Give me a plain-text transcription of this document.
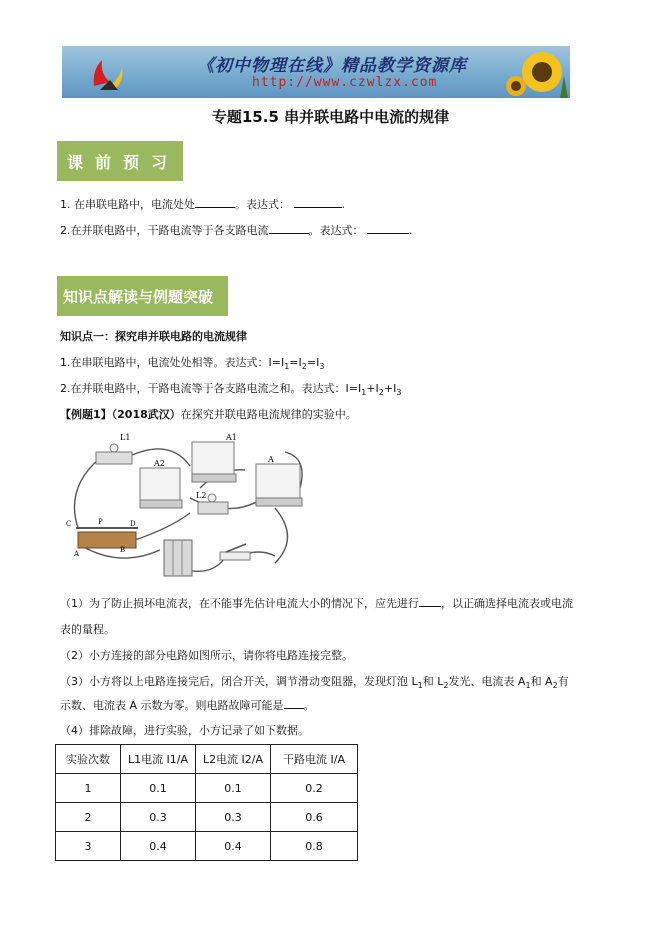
《初中物理在线》精品教学资源库
http://www.czwlzx.com
专题15.5 串并联电路中电流的规律
课前预习
1. 在串联电路中，电流处处	。表达式：	.
2.在并联电路中，干路电流等于各支路电流	。表达式：	.
知识点解读与例题突破
知识点一：探究串并联电路的电流规律
1.在串联电路中，电流处处相等。表达式：$I=I_1=I_2=I_3$
2.在并联电路中，干路电流等于各支路电流之和。表达式：$I=I_1+I_2+I_3$
【例题1】（2018武汉）在探究并联电路电流规律的实验中。
L1
A2
A1
L2
A
C	P	D
A	B
（1）为了防止损坏电流表，在不能事先估计电流大小的情况下，应先进行 ，以正确选择电流表或电流
表的量程。
（2）小方连接的部分电路如图所示，请你将电路连接完整。
（3）小方将以上电路连接完后，闭合开关，调节滑动变阻器，发现灯泡 $L_1$和 $L_2$发光、电流表 $A_1$和 $A_2$有
示数、电流表 A 示数为零。则电路故障可能是 。
（4）排除故障，进行实验，小方记录了如下数据。
实验次数	L1电流 I1/A	L2电流 I2/A	干路电流 I/A
1	0.1	0.1	0.2
2	0.3	0.3	0.6
3	0.4	0.4	0.8
